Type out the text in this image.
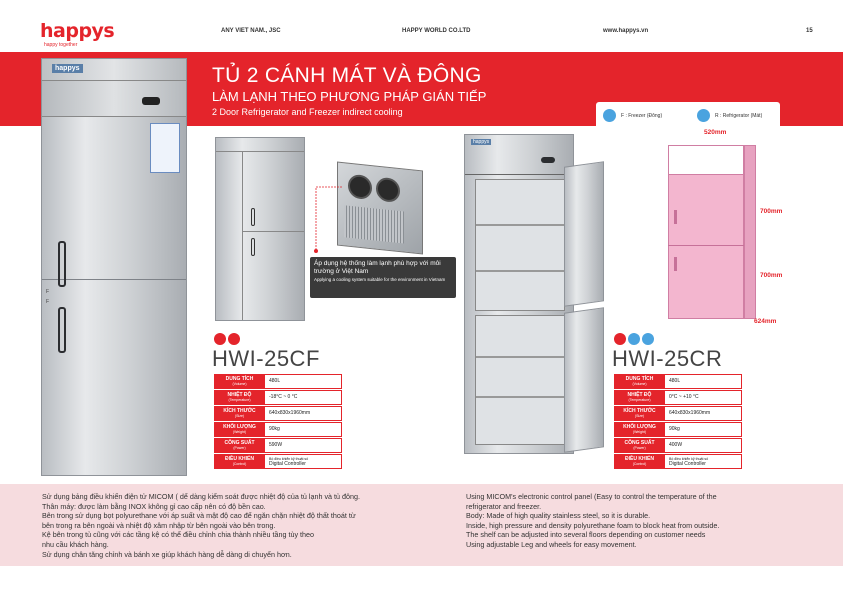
happys
happy together
ANY VIET NAM., JSC	HAPPY WORLD CO.LTD	www.happys.vn	15
TỦ 2 CÁNH MÁT VÀ ĐÔNG
LÀM LẠNH THEO PHƯƠNG PHÁP GIÁN TIẾP
2 Door Refrigerator and Freezer indirect cooling
happys
F
F
Áp dụng hệ thống làm lạnh phù hợp với môi trường ở Việt Nam
Applying a cooling system suitable for the environment in Vietnam
happys
F : Freezer (Đông)	R : Refrigerator (Mát)
520mm
700mm
700mm
624mm
HWI-25CF
DUNG TÍCH
(Volume)	480L
NHIỆT ĐỘ
(Temperature)	-18°C ~ 0 °C
KÍCH THƯỚC
(Size)	640x830x1960mm
KHỐI LƯỢNG
(Weight)	90kg
CÔNG SUẤT
(Power)	590W
ĐIỀU KHIỂN
(Control)
Bộ điều khiển kỹ thuật số
Digital Controller
HWI-25CR
DUNG TÍCH
(Volume)	480L
NHIỆT ĐỘ
(Temperature)	0°C ~ +10 °C
KÍCH THƯỚC
(Size)	640x830x1960mm
KHỐI LƯỢNG
(Weight)	90kg
CÔNG SUẤT
(Power)	400W
ĐIỀU KHIỂN
(Control)
Bộ điều khiển kỹ thuật số
Digital Controller
Sử dụng bảng điều khiển điện tử MICOM ( dể dàng kiểm soát được nhiệt độ của tủ lạnh và tủ đông.
Thân máy: được làm bằng INOX không gỉ cao cấp nên có độ bền cao.
Bên trong sử dụng bọt polyurethane với áp suất và mật độ cao để ngăn chặn nhiệt độ thất thoát từ
bên trong ra bên ngoài và nhiệt độ xâm nhập từ bên ngoài vào bên trong.
Kệ bên trong tủ cũng với các tầng kệ có thể điều chỉnh chia thành nhiều tầng tùy theo
nhu cầu khách hàng.
Sử dụng chân tăng chỉnh và bánh xe giúp khách hàng dễ dàng di chuyển hơn.
Using MICOM's electronic control panel (Easy to control the temperature of the
refrigerator and freezer.
Body: Made of high quality stainless steel, so it is durable.
Inside, high pressure and density polyurethane foam to block heat from outside.
The shelf can be adjusted into several floors depending on customer needs
Using adjustable Leg and wheels for easy movement.
